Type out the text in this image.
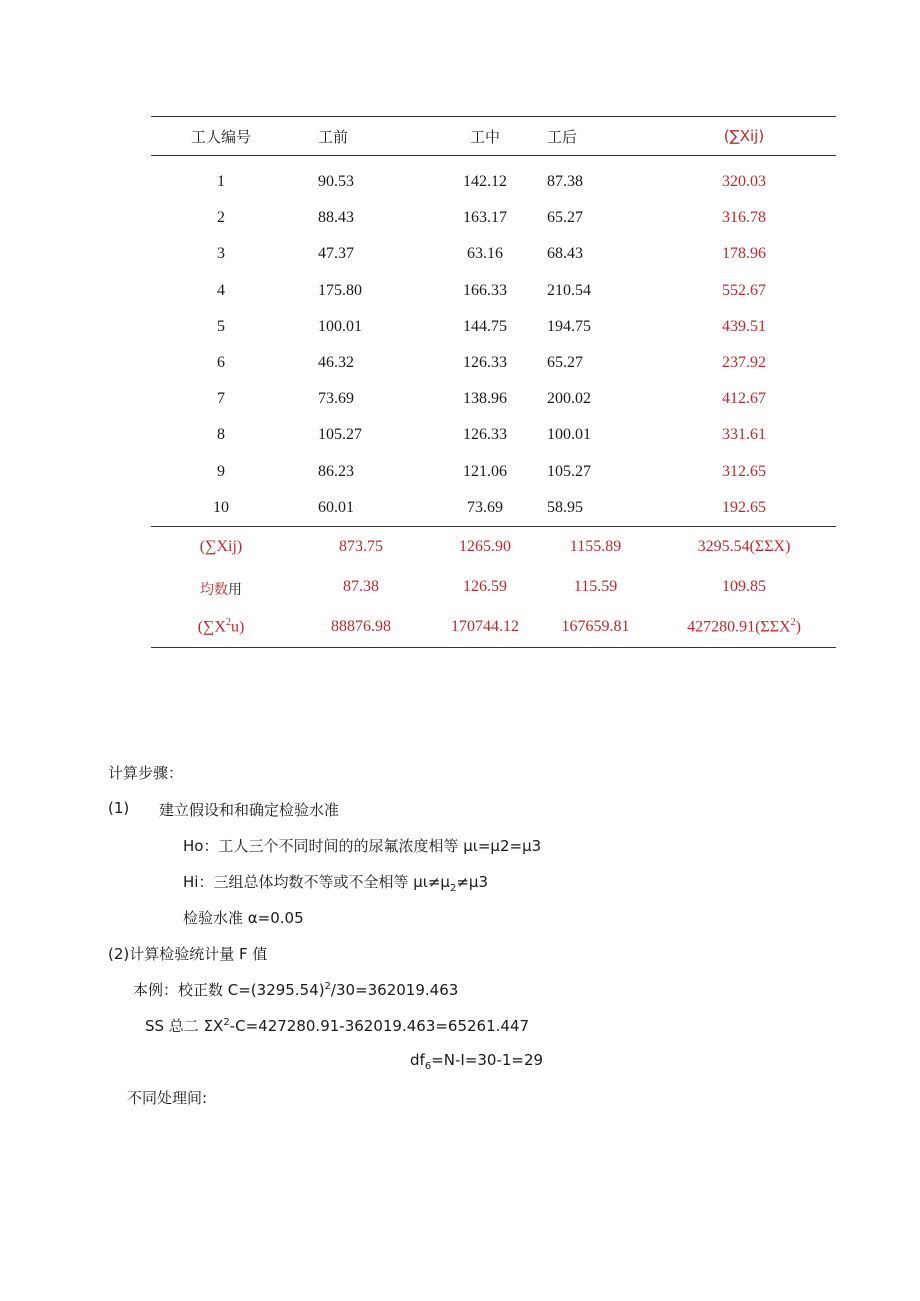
工人编号	工前	工中	工后	(∑Xij)
1	90.53	142.12	87.38	320.03
2	88.43	163.17	65.27	316.78
3	47.37	63.16	68.43	178.96
4	175.80	166.33	210.54	552.67
5	100.01	144.75	194.75	439.51
6	46.32	126.33	65.27	237.92
7	73.69	138.96	200.02	412.67
8	105.27	126.33	100.01	331.61
9	86.23	121.06	105.27	312.65
10	60.01	73.69	58.95	192.65
(∑Xij)	873.75	1265.90	1155.89	3295.54(ΣΣX)
均数用	87.38	126.59	115.59	109.85
$(\sum X^2u)$	88876.98	170744.12	167659.81	427280.91(ΣΣX$^2$)
计算步骤：
(1) 建立假设和和确定检验水准
Ho：工人三个不同时间的的尿氟浓度相等 μι=μ2=μ3
Hi：三组总体均数不等或不全相等 $\mu\iota\ne\mu_2\ne\mu 3$
检验水准 α=0.05
(2)计算检验统计量 F 值
本例：校正数 $C=(3295.54)^2/30=362019.463$
SS 总二 $\Sigma X^2-C=427280.91-362019.463=65261.447$
$df_6=N-I=30-1=29$
不同处理间:
